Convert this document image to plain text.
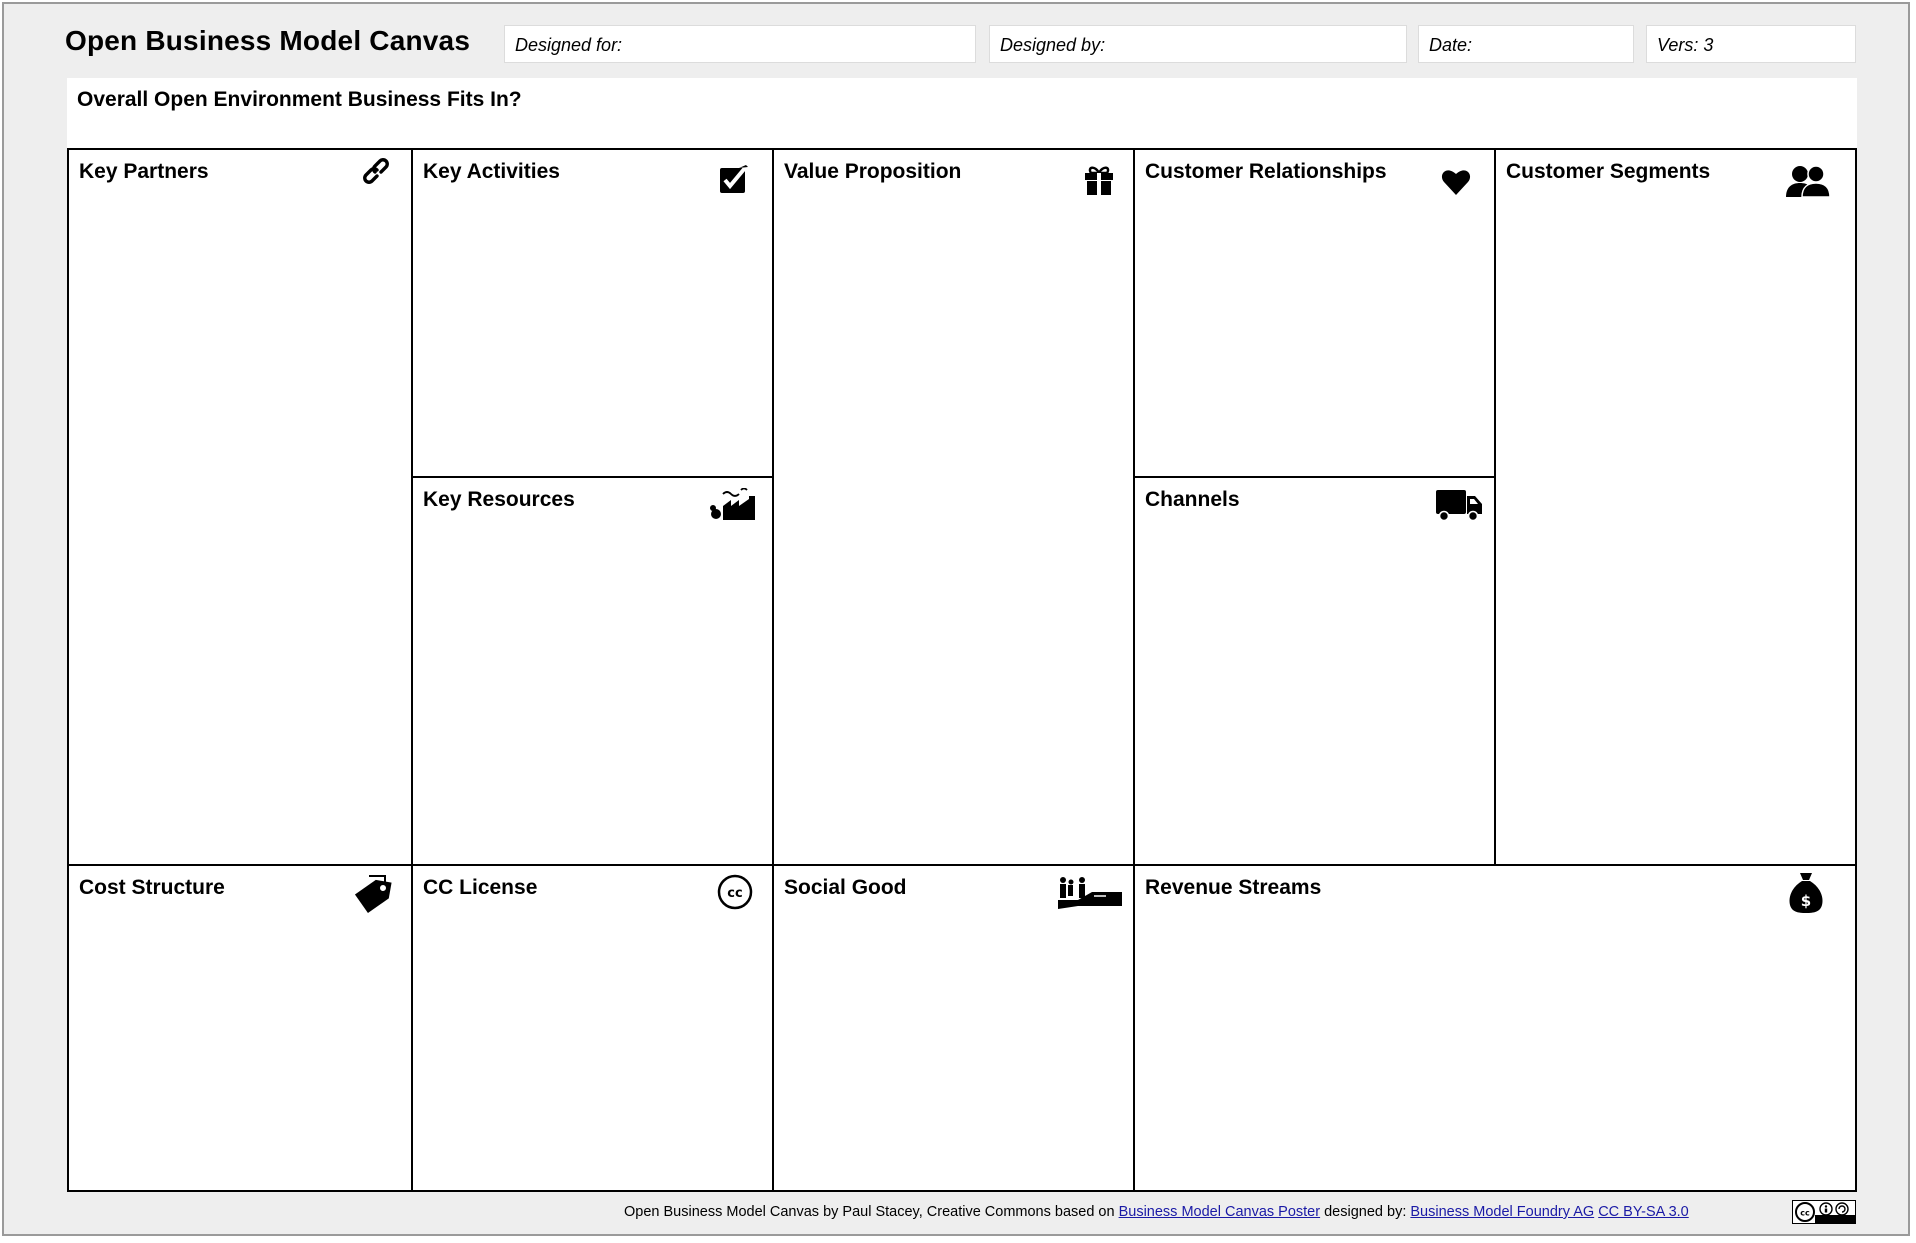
Open Business Model Canvas	Designed for:	Designed by:	Date:	Vers: 3
Overall Open Environment Business Fits In?
Key Partners	Key Activities
Key Resources
Value Proposition	Customer Relationships
Channels
Customer Segments
Cost Structure	CC License	cc Social Good	Revenue Streams
$
Open Business Model Canvas by Paul Stacey, Creative Commons based on Business Model Canvas Poster designed by: Business Model Foundry AG CC BY-SA 3.0	cc
